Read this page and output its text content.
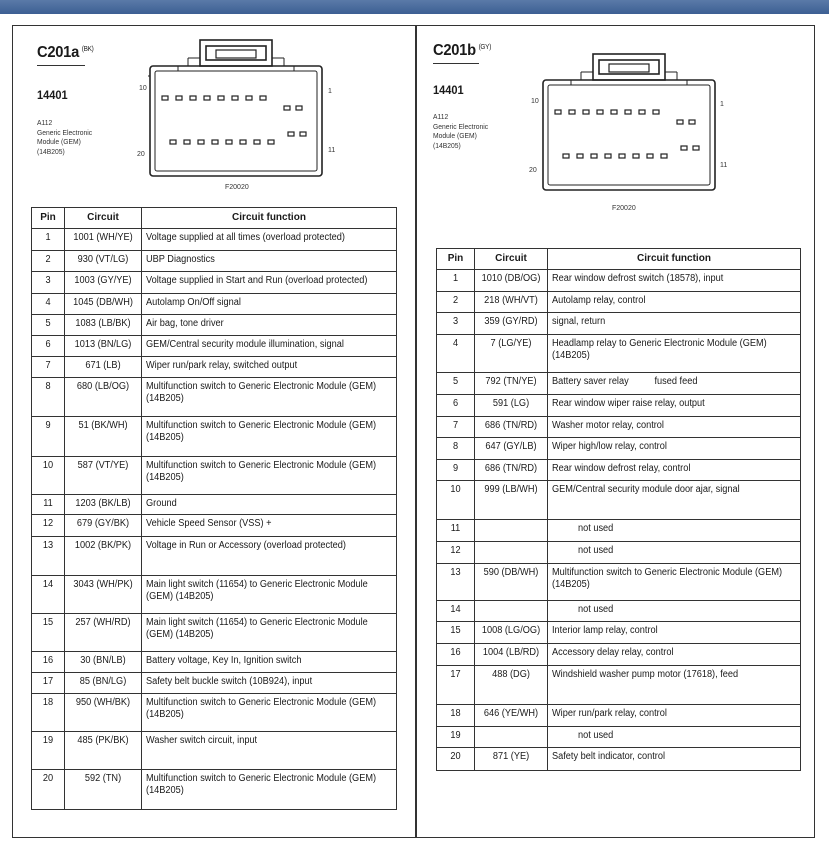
C201a $^{(BK)}$
14401
A112
Generic Electronic
Module (GEM)
(14B205)
10	1
20
11
F20020
Pin	Circuit	Circuit function

1	1001 (WH/YE)	Voltage supplied at all times (overload protected)

2	930 (VT/LG)	UBP Diagnostics

3	1003 (GY/YE)	Voltage supplied in Start and Run (overload protected)

4	1045 (DB/WH)	Autolamp On/Off signal

5	1083 (LB/BK)	Air bag, tone driver

6	1013 (BN/LG)	GEM/Central security module illumination, signal

7	671 (LB)	Wiper run/park relay, switched output

8	680 (LB/OG)	Multifunction switch to Generic Electronic Module (GEM) (14B205)

9	51 (BK/WH)	Multifunction switch to Generic Electronic Module (GEM) (14B205)

10	587 (VT/YE)	Multifunction switch to Generic Electronic Module (GEM) (14B205)

11	1203 (BK/LB)	Ground

12	679 (GY/BK)	Vehicle Speed Sensor (VSS) +

13	1002 (BK/PK)	Voltage in Run or Accessory (overload protected)

14	3043 (WH/PK)	Main light switch (11654) to Generic Electronic Module (GEM) (14B205)

15	257 (WH/RD)	Main light switch (11654) to Generic Electronic Module (GEM) (14B205)

16	30 (BN/LB)	Battery voltage, Key In, Ignition switch

17	85 (BN/LG)	Safety belt buckle switch (10B924), input

18	950 (WH/BK)	Multifunction switch to Generic Electronic Module (GEM) (14B205)

19	485 (PK/BK)	Washer switch circuit, input

20	592 (TN)	Multifunction switch to Generic Electronic Module (GEM) (14B205)
C201b $^{(GY)}$
14401
A112
Generic Electronic
Module (GEM)
(14B205)
10	1
20
11
F20020
Pin	Circuit	Circuit function

1	1010 (DB/OG)	Rear window defrost switch (18578), input

2	218 (WH/VT)	Autolamp relay, control

3	359 (GY/RD)	signal, return

4	7 (LG/YE)	Headlamp relay to Generic Electronic Module (GEM) (14B205)

5	792 (TN/YE)	Battery saver relay fused feed

6	591 (LG)	Rear window wiper raise relay, output

7	686 (TN/RD)	Washer motor relay, control

8	647 (GY/LB)	Wiper high/low relay, control

9	686 (TN/RD)	Rear window defrost relay, control

10	999 (LB/WH)	GEM/Central security module door ajar, signal

11		not used

12		not used

13	590 (DB/WH)	Multifunction switch to Generic Electronic Module (GEM) (14B205)

14		not used

15	1008 (LG/OG)	Interior lamp relay, control

16	1004 (LB/RD)	Accessory delay relay, control

17	488 (DG)	Windshield washer pump motor (17618), feed

18	646 (YE/WH)	Wiper run/park relay, control

19		not used

20	871 (YE)	Safety belt indicator, control
